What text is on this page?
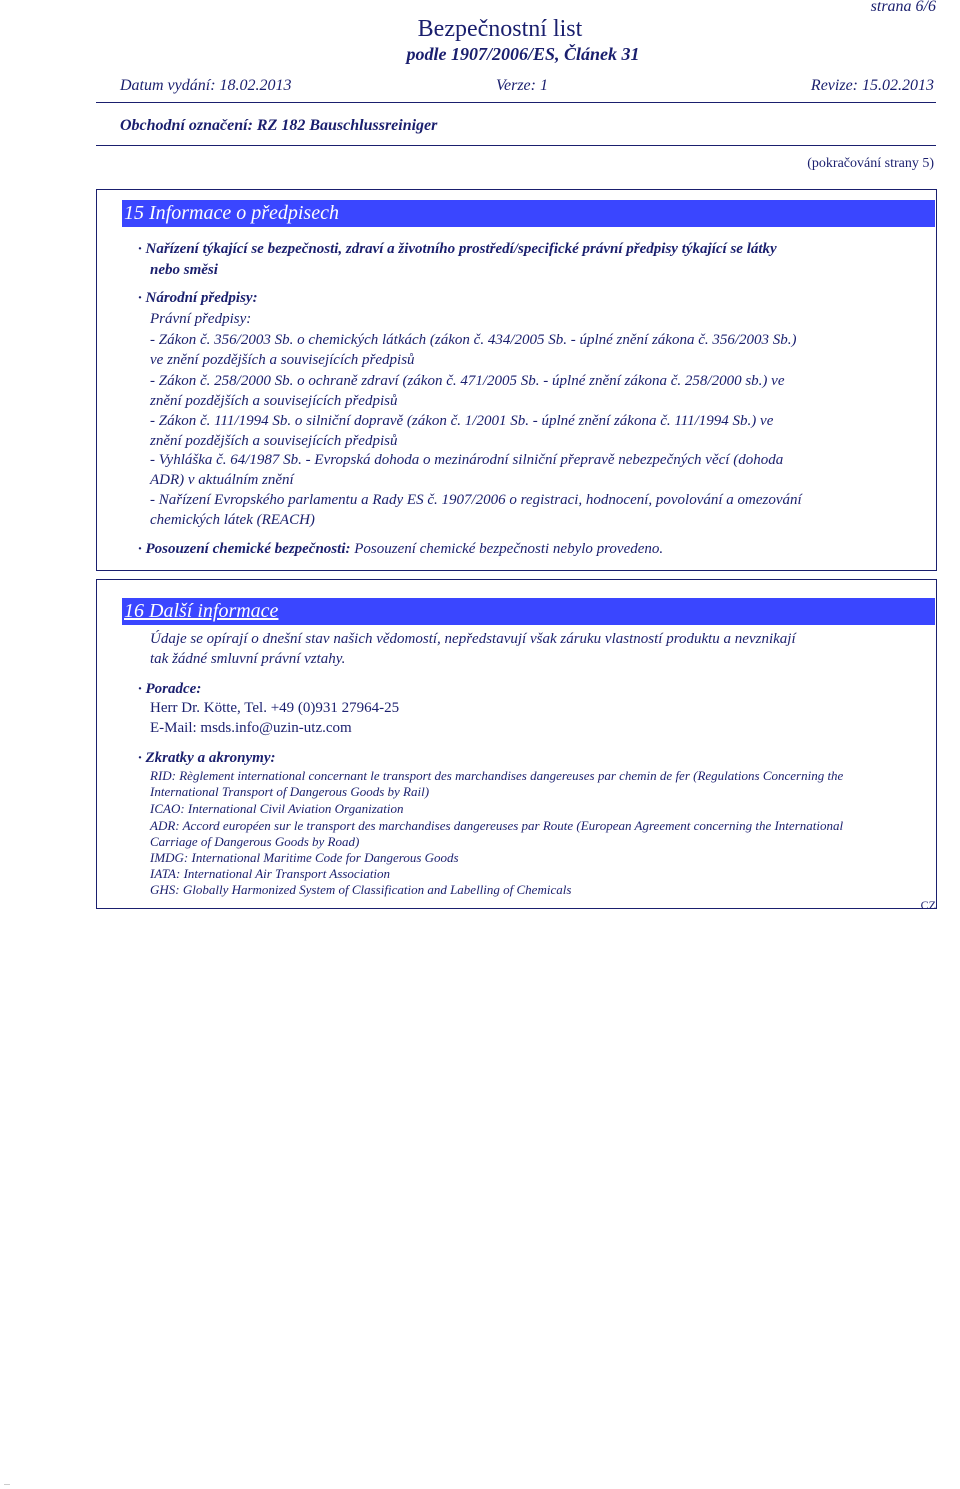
strana 6/6
Bezpečnostní list
podle 1907/2006/ES, Článek 31
Datum vydání: 18.02.2013	Verze: 1	Revize: 15.02.2013
Obchodní označení: RZ 182 Bauschlussreiniger
(pokračování strany 5)
15 Informace o předpisech
· Nařízení týkající se bezpečnosti, zdraví a životního prostředí/specifické právní předpisy týkající se látky
nebo směsi
· Národní předpisy:
Právní předpisy:
- Zákon č. 356/2003 Sb. o chemických látkách (zákon č. 434/2005 Sb. - úplné znění zákona č. 356/2003 Sb.)
ve znění pozdějších a souvisejících předpisů
- Zákon č. 258/2000 Sb. o ochraně zdraví (zákon č. 471/2005 Sb. - úplné znění zákona č. 258/2000 sb.) ve
znění pozdějších a souvisejících předpisů
- Zákon č. 111/1994 Sb. o silniční dopravě (zákon č. 1/2001 Sb. - úplné znění zákona č. 111/1994 Sb.) ve
znění pozdějších a souvisejících předpisů
- Vyhláška č. 64/1987 Sb. - Evropská dohoda o mezinárodní silniční přepravě nebezpečných věcí (dohoda
ADR) v aktuálním znění
- Nařízení Evropského parlamentu a Rady ES č. 1907/2006 o registraci, hodnocení, povolování a omezování
chemických látek (REACH)
· Posouzení chemické bezpečnosti: Posouzení chemické bezpečnosti nebylo provedeno.
16 Další informace
Údaje se opírají o dnešní stav našich vědomostí, nepředstavují však záruku vlastností produktu a nevznikají
tak žádné smluvní právní vztahy.
· Poradce:
Herr Dr. Kötte, Tel. +49 (0)931 27964-25
E-Mail: msds.info@uzin-utz.com
· Zkratky a akronymy:
RID: Règlement international concernant le transport des marchandises dangereuses par chemin de fer (Regulations Concerning the
International Transport of Dangerous Goods by Rail)
ICAO: International Civil Aviation Organization
ADR: Accord européen sur le transport des marchandises dangereuses par Route (European Agreement concerning the International
Carriage of Dangerous Goods by Road)
IMDG: International Maritime Code for Dangerous Goods
IATA: International Air Transport Association
GHS: Globally Harmonized System of Classification and Labelling of Chemicals
CZ
...
